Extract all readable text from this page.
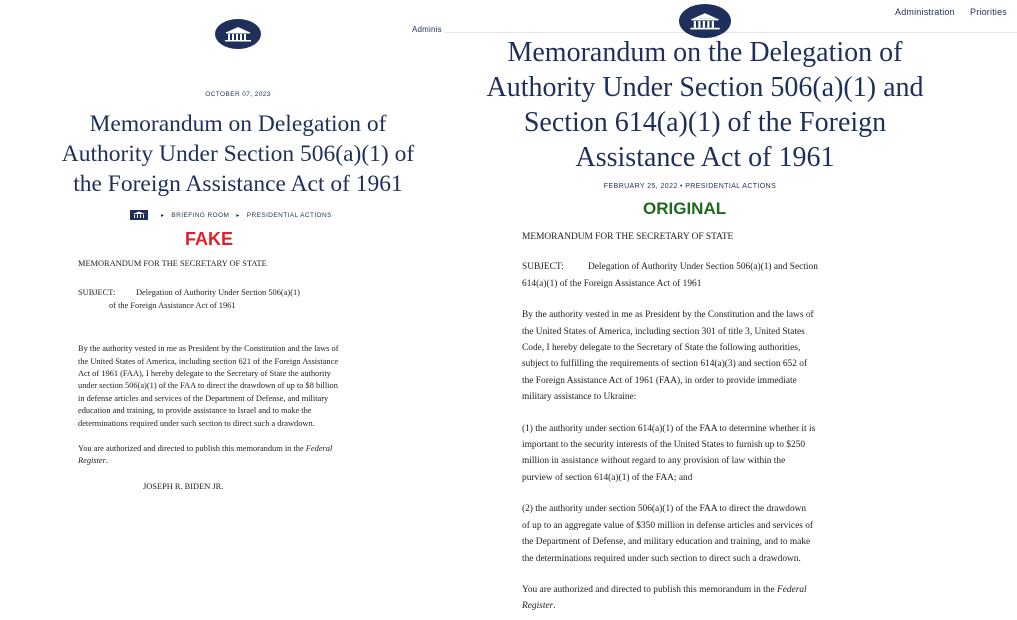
Adminis
OCTOBER 07, 2023
Memorandum on Delegation of
Authority Under Section 506(a)(1) of
the Foreign Assistance Act of 1961
▸ BRIEFING ROOM ▸ PRESIDENTIAL ACTIONS
FAKE

MEMORANDUM FOR THE SECRETARY OF STATE

SUBJECT:	Delegation of Authority Under Section 506(a)(1)
of the Foreign Assistance Act of 1961

By the authority vested in me as President by the Constitution and the laws of

the United States of America, including section 621 of the Foreign Assistance

Act of 1961 (FAA), I hereby delegate to the Secretary of State the authority

under section 506(a)(1) of the FAA to direct the drawdown of up to $8 billion

in defense articles and services of the Department of Defense, and military

education and training, to provide assistance to Israel and to make the

determinations required under such section to direct such a drawdown.

You are authorized and directed to publish this memorandum in the Federal

Register.

JOSEPH R. BIDEN JR.

Administration Priorities
Memorandum on the Delegation of
Authority Under Section 506(a)(1) and
Section 614(a)(1) of the Foreign
Assistance Act of 1961
FEBRUARY 25, 2022 • PRESIDENTIAL ACTIONS
ORIGINAL

MEMORANDUM FOR THE SECRETARY OF STATE

SUBJECT:	Delegation of Authority Under Section 506(a)(1) and Section

614(a)(1) of the Foreign Assistance Act of 1961

By the authority vested in me as President by the Constitution and the laws of

the United States of America, including section 301 of title 3, United States

Code, I hereby delegate to the Secretary of State the following authorities,

subject to fulfilling the requirements of section 614(a)(3) and section 652 of

the Foreign Assistance Act of 1961 (FAA), in order to provide immediate

military assistance to Ukraine:

(1) the authority under section 614(a)(1) of the FAA to determine whether it is

important to the security interests of the United States to furnish up to $250

million in assistance without regard to any provision of law within the

purview of section 614(a)(1) of the FAA; and

(2) the authority under section 506(a)(1) of the FAA to direct the drawdown

of up to an aggregate value of $350 million in defense articles and services of

the Department of Defense, and military education and training, and to make

the determinations required under such section to direct such a drawdown.

You are authorized and directed to publish this memorandum in the Federal

Register.
